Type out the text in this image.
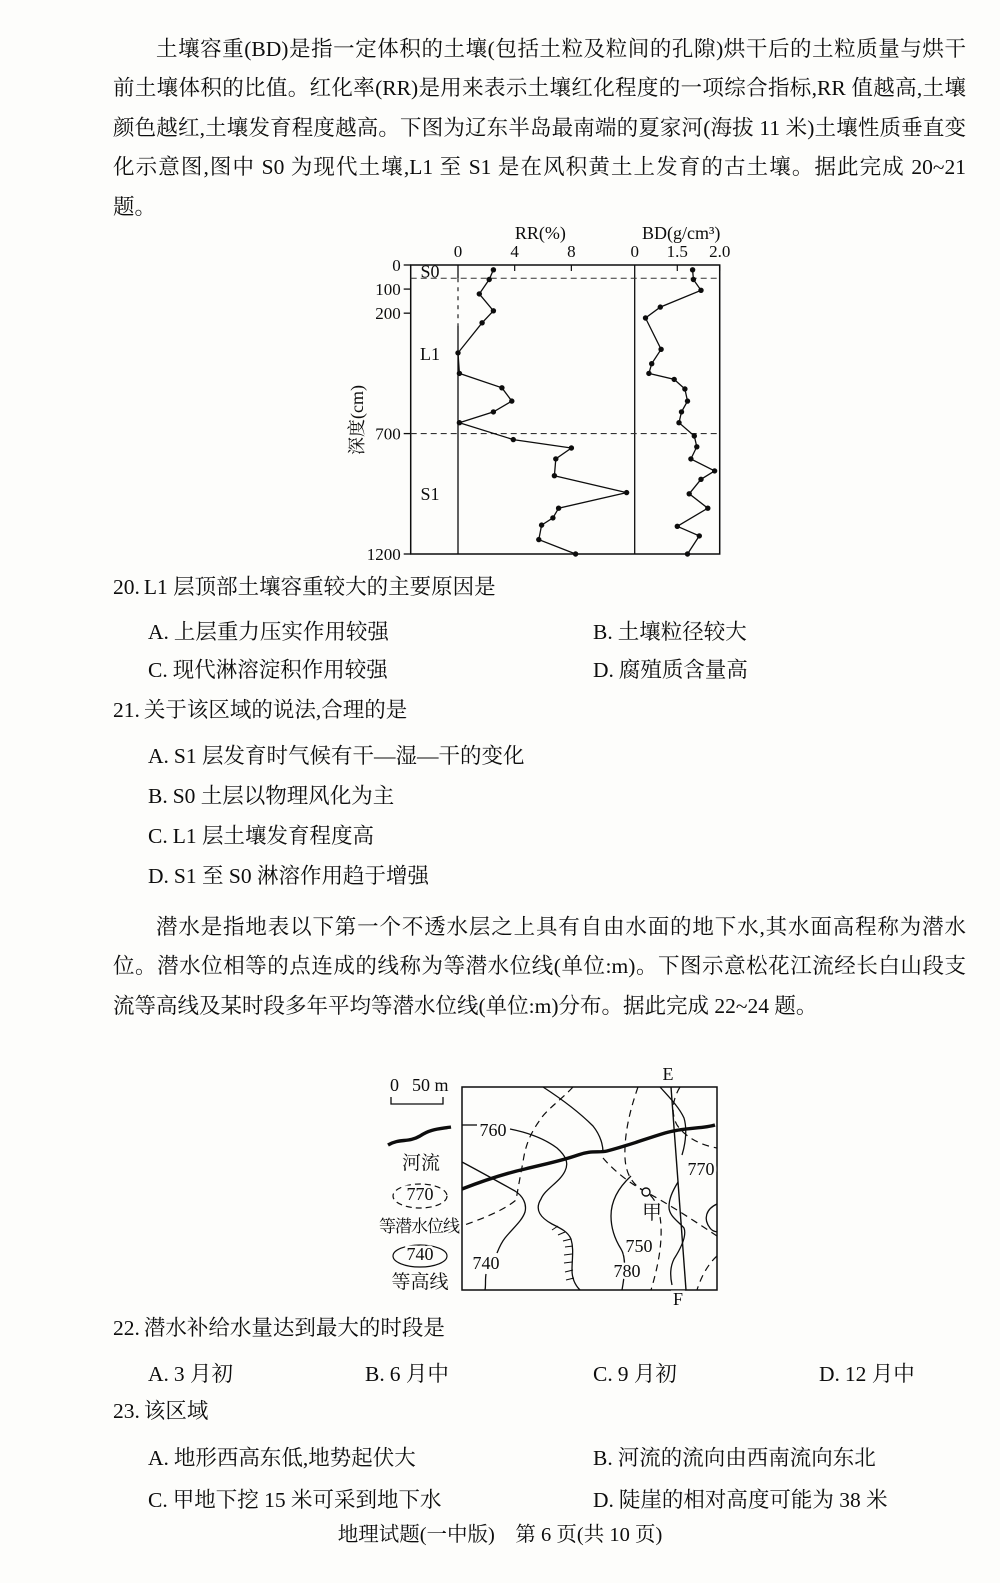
土壤容重(BD)是指一定体积的土壤(包括土粒及粒间的孔隙)烘干后的土粒质量与烘干前土壤体积的比值。红化率(RR)是用来表示土壤红化程度的一项综合指标,RR 值越高,土壤颜色越红,土壤发育程度越高。下图为辽东半岛最南端的夏家河(海拔 11 米)土壤性质垂直变化示意图,图中 S0 为现代土壤,L1 至 S1 是在风积黄土上发育的古土壤。据此完成 20~21 题。

0
100
200
700
1200
深度(cm)
0	4	8
RR(%)
0 1.5 2.0
BD(g/cm³)
S0
L1
S1
20. L1 层顶部土壤容重较大的主要原因是
A. 上层重力压实作用较强	B. 土壤粒径较大
C. 现代淋溶淀积作用较强	D. 腐殖质含量高
21. 关于该区域的说法,合理的是
A. S1 层发育时气候有干—湿—干的变化
B. S0 土层以物理风化为主
C. L1 层土壤发育程度高
D. S1 至 S0 淋溶作用趋于增强

潜水是指地表以下第一个不透水层之上具有自由水面的地下水,其水面高程称为潜水位。潜水位相等的点连成的线称为等潜水位线(单位:m)。下图示意松花江流经长白山段支流等高线及某时段多年平均等潜水位线(单位:m)分布。据此完成 22~24 题。

0 50 m
河流
770
等潜水位线
740
等高线
760
770
740
750
780
甲
E
F
22. 潜水补给水量达到最大的时段是
A. 3 月初	B. 6 月中	C. 9 月初	D. 12 月中
23. 该区域
A. 地形西高东低,地势起伏大	B. 河流的流向由西南流向东北
C. 甲地下挖 15 米可采到地下水	D. 陡崖的相对高度可能为 38 米
地理试题(一中版)　第 6 页(共 10 页)
